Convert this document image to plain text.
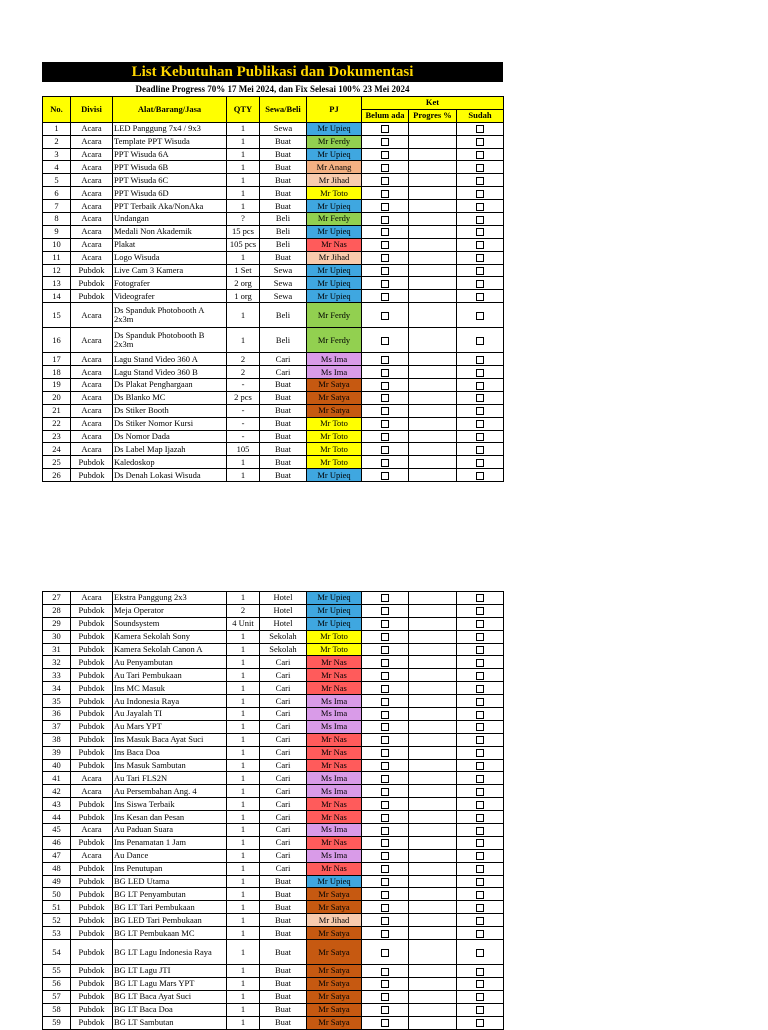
List Kebutuhan Publikasi dan Dokumentasi
Deadline Progress 70% 17 Mei 2024, dan Fix Selesai 100% 23 Mei 2024
No.	Divisi	Alat/Barang/Jasa	QTY	Sewa/Beli	PJ	Ket		
						Belum ada	Progres %	Sudah
1	Acara	LED Panggung 7x4 / 9x3	1	Sewa	Mr Upieq			
2	Acara	Template PPT Wisuda	1	Buat	Mr Ferdy			
3	Acara	PPT Wisuda 6A	1	Buat	Mr Upieq			
4	Acara	PPT Wisuda 6B	1	Buat	Mr Anang			
5	Acara	PPT Wisuda 6C	1	Buat	Mr Jihad			
6	Acara	PPT Wisuda 6D	1	Buat	Mr Toto			
7	Acara	PPT Terbaik Aka/NonAka	1	Buat	Mr Upieq			
8	Acara	Undangan	?	Beli	Mr Ferdy			
9	Acara	Medali Non Akademik	15 pcs	Beli	Mr Upieq			
10	Acara	Plakat	105 pcs	Beli	Mr Nas			
11	Acara	Logo Wisuda	1	Buat	Mr Jihad			
12	Pubdok	Live Cam 3 Kamera	1 Set	Sewa	Mr Upieq			
13	Pubdok	Fotografer	2 org	Sewa	Mr Upieq			
14	Pubdok	Videografer	1 org	Sewa	Mr Upieq			
15	Acara	Ds Spanduk Photobooth A 2x3m	1	Beli	Mr Ferdy			
16	Acara	Ds Spanduk Photobooth B 2x3m	1	Beli	Mr Ferdy			
17	Acara	Lagu Stand Video 360 A	2	Cari	Ms Ima			
18	Acara	Lagu Stand Video 360 B	2	Cari	Ms Ima			
19	Acara	Ds Plakat Penghargaan	-	Buat	Mr Satya			
20	Acara	Ds Blanko MC	2 pcs	Buat	Mr Satya			
21	Acara	Ds Stiker Booth	-	Buat	Mr Satya			
22	Acara	Ds Stiker Nomor Kursi	-	Buat	Mr Toto			
23	Acara	Ds Nomor Dada	-	Buat	Mr Toto			
24	Acara	Ds Label Map Ijazah	105	Buat	Mr Toto			
25	Pubdok	Kaledoskop	1	Buat	Mr Toto			
26	Pubdok	Ds Denah Lokasi Wisuda	1	Buat	Mr Upieq			
27	Acara	Ekstra Panggung 2x3	1	Hotel	Mr Upieq			
28	Pubdok	Meja Operator	2	Hotel	Mr Upieq			
29	Pubdok	Soundsystem	4 Unit	Hotel	Mr Upieq			
30	Pubdok	Kamera Sekolah Sony	1	Sekolah	Mr Toto			
31	Pubdok	Kamera Sekolah Canon A	1	Sekolah	Mr Toto			
32	Pubdok	Au Penyambutan	1	Cari	Mr Nas			
33	Pubdok	Au Tari Pembukaan	1	Cari	Mr Nas			
34	Pubdok	Ins MC Masuk	1	Cari	Mr Nas			
35	Pubdok	Au Indonesia Raya	1	Cari	Ms Ima			
36	Pubdok	Au Jayalah TI	1	Cari	Ms Ima			
37	Pubdok	Au Mars YPT	1	Cari	Ms Ima			
38	Pubdok	Ins Masuk Baca Ayat Suci	1	Cari	Mr Nas			
39	Pubdok	Ins Baca Doa	1	Cari	Mr Nas			
40	Pubdok	Ins Masuk Sambutan	1	Cari	Mr Nas			
41	Acara	Au Tari FLS2N	1	Cari	Ms Ima			
42	Acara	Au Persembahan Ang. 4	1	Cari	Ms Ima			
43	Pubdok	Ins Siswa Terbaik	1	Cari	Mr Nas			
44	Pubdok	Ins Kesan dan Pesan	1	Cari	Mr Nas			
45	Acara	Au Paduan Suara	1	Cari	Ms Ima			
46	Pubdok	Ins Penamatan 1 Jam	1	Cari	Mr Nas			
47	Acara	Au Dance	1	Cari	Ms Ima			
48	Pubdok	Ins Penutupan	1	Cari	Mr Nas			
49	Pubdok	BG LED Utama	1	Buat	Mr Upieq			
50	Pubdok	BG LT Penyambutan	1	Buat	Mr Satya			
51	Pubdok	BG LT Tari Pembukaan	1	Buat	Mr Satya			
52	Pubdok	BG LED Tari Pembukaan	1	Buat	Mr Jihad			
53	Pubdok	BG LT Pembukaan MC	1	Buat	Mr Satya			
54	Pubdok	BG LT Lagu Indonesia Raya	1	Buat	Mr Satya			
55	Pubdok	BG LT Lagu JTI	1	Buat	Mr Satya			
56	Pubdok	BG LT Lagu Mars YPT	1	Buat	Mr Satya			
57	Pubdok	BG LT Baca Ayat Suci	1	Buat	Mr Satya			
58	Pubdok	BG LT Baca Doa	1	Buat	Mr Satya			
59	Pubdok	BG LT Sambutan	1	Buat	Mr Satya			
